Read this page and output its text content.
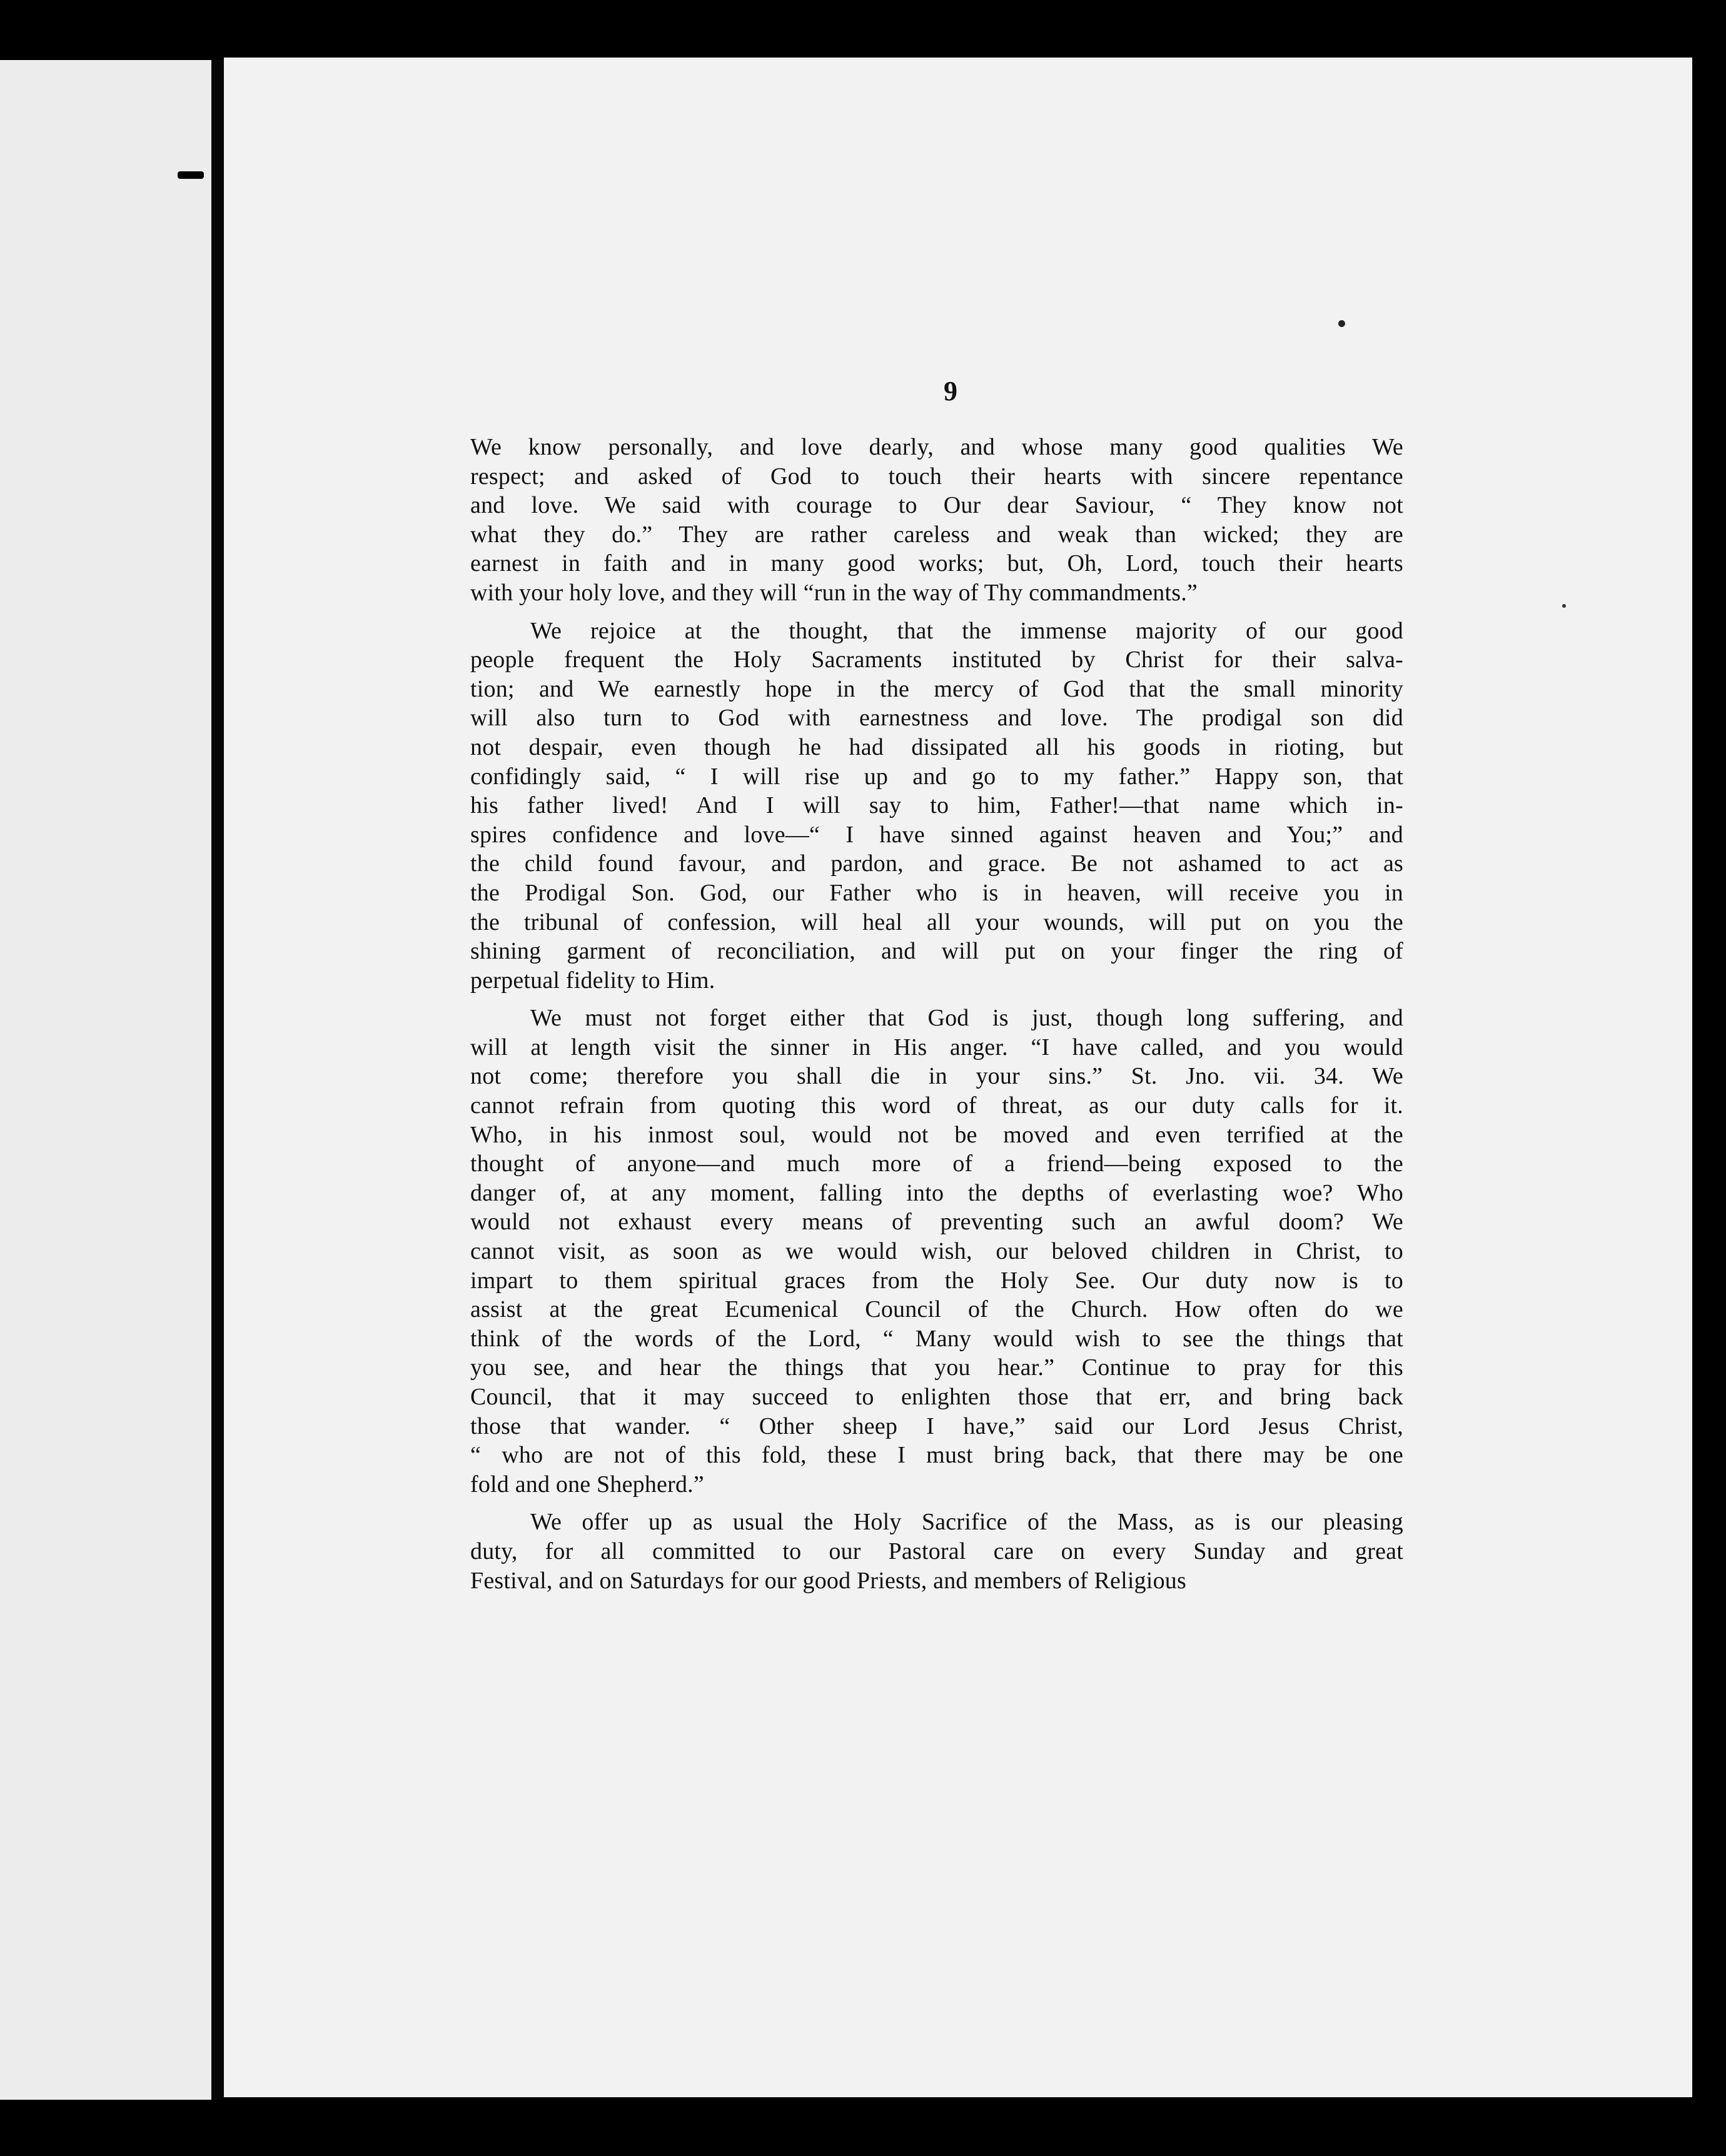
9
We know personally, and love dearly, and whose many good qualities We
respect; and asked of God to touch their hearts with sincere repentance
and love. We said with courage to Our dear Saviour, “ They know not
what they do.” They are rather careless and weak than wicked; they are
earnest in faith and in many good works; but, Oh, Lord, touch their hearts
with your holy love, and they will “run in the way of Thy commandments.”
We rejoice at the thought, that the immense majority of our good
people frequent the Holy Sacraments instituted by Christ for their salva-
tion; and We earnestly hope in the mercy of God that the small minority
will also turn to God with earnestness and love. The prodigal son did
not despair, even though he had dissipated all his goods in rioting, but
confidingly said, “ I will rise up and go to my father.” Happy son, that
his father lived! And I will say to him, Father!—that name which in-
spires confidence and love—“ I have sinned against heaven and You;” and
the child found favour, and pardon, and grace. Be not ashamed to act as
the Prodigal Son. God, our Father who is in heaven, will receive you in
the tribunal of confession, will heal all your wounds, will put on you the
shining garment of reconciliation, and will put on your finger the ring of
perpetual fidelity to Him.
We must not forget either that God is just, though long suffering, and
will at length visit the sinner in His anger. “I have called, and you would
not come; therefore you shall die in your sins.” St. Jno. vii. 34. We
cannot refrain from quoting this word of threat, as our duty calls for it.
Who, in his inmost soul, would not be moved and even terrified at the
thought of anyone—and much more of a friend—being exposed to the
danger of, at any moment, falling into the depths of everlasting woe? Who
would not exhaust every means of preventing such an awful doom? We
cannot visit, as soon as we would wish, our beloved children in Christ, to
impart to them spiritual graces from the Holy See. Our duty now is to
assist at the great Ecumenical Council of the Church. How often do we
think of the words of the Lord, “ Many would wish to see the things that
you see, and hear the things that you hear.” Continue to pray for this
Council, that it may succeed to enlighten those that err, and bring back
those that wander. “ Other sheep I have,” said our Lord Jesus Christ,
“ who are not of this fold, these I must bring back, that there may be one
fold and one Shepherd.”
We offer up as usual the Holy Sacrifice of the Mass, as is our pleasing
duty, for all committed to our Pastoral care on every Sunday and great
Festival, and on Saturdays for our good Priests, and members of Religious
